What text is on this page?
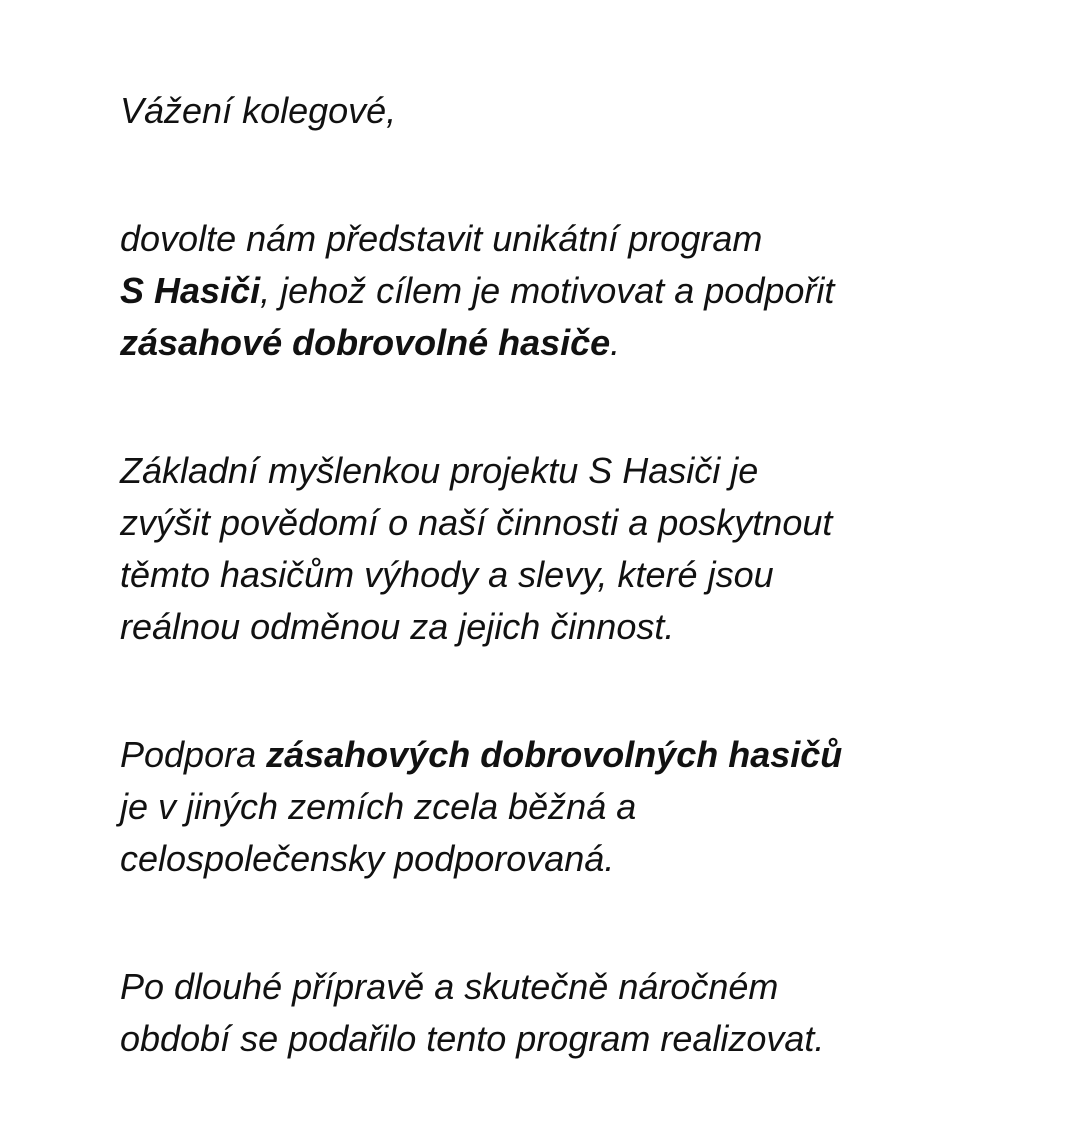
Vážení kolegové,

dovolte nám představit unikátní program
S Hasiči, jehož cílem je motivovat a podpořit
zásahové dobrovolné hasiče.

Základní myšlenkou projektu S Hasiči je
zvýšit povědomí o naší činnosti a poskytnout
těmto hasičům výhody a slevy, které jsou
reálnou odměnou za jejich činnost.

Podpora zásahových dobrovolných hasičů
je v jiných zemích zcela běžná a
celospolečensky podporovaná.

Po dlouhé přípravě a skutečně náročném
období se podařilo tento program realizovat.
